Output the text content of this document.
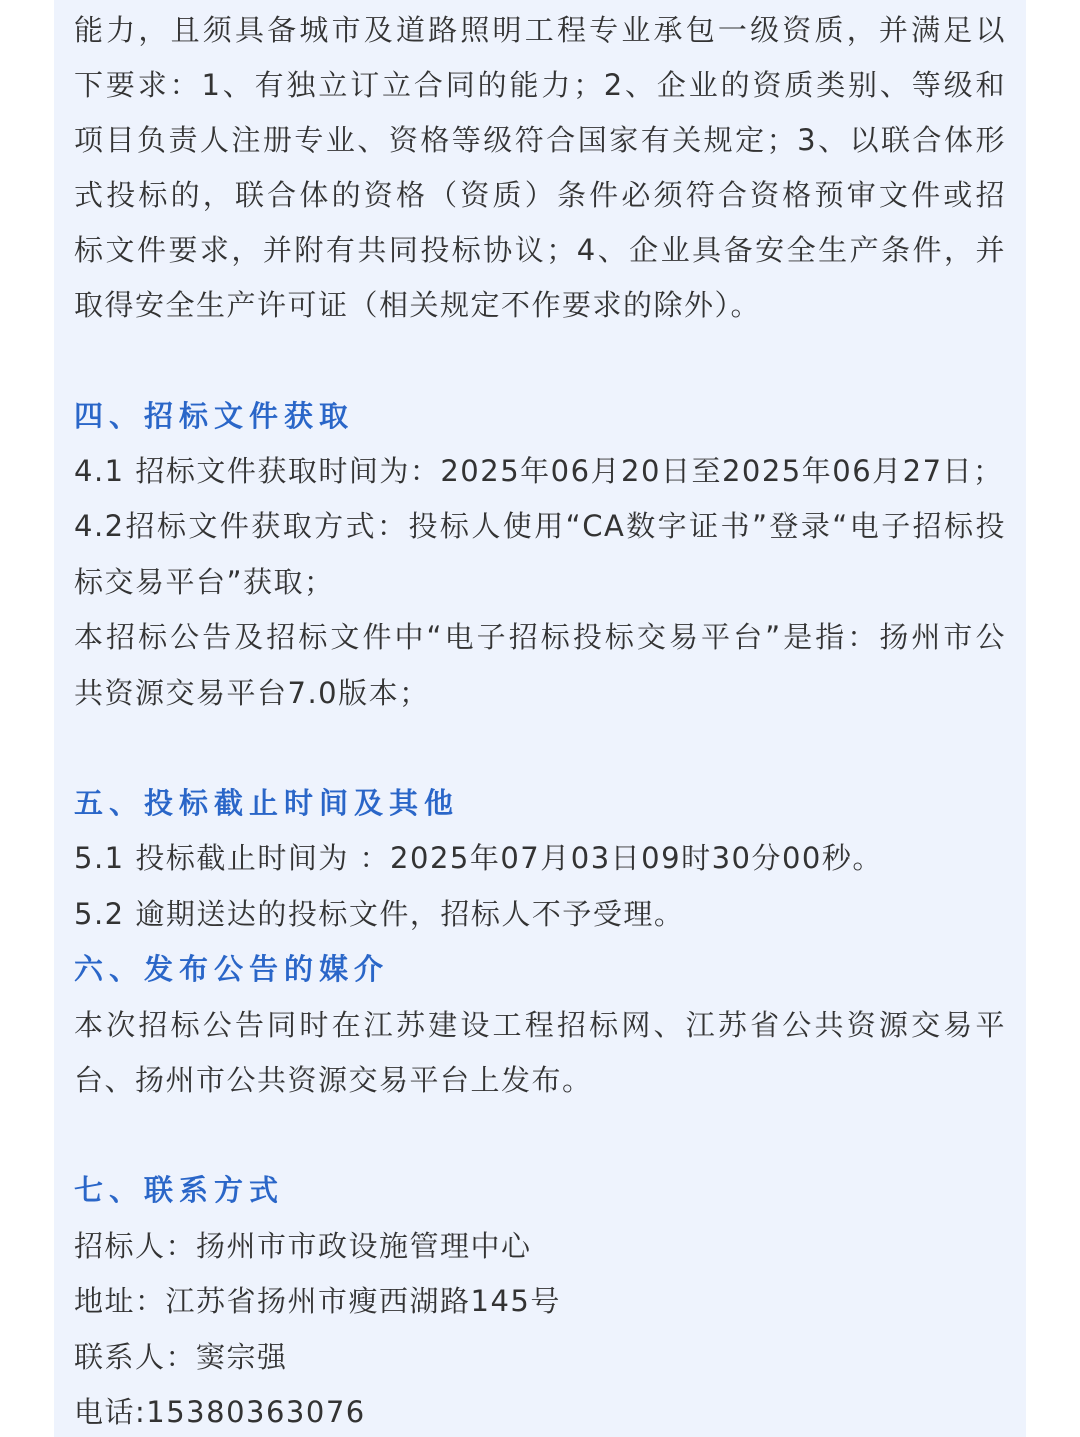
能力，且须具备城市及道路照明工程专业承包一级资质，并满足以
下要求：1、有独立订立合同的能力；2、企业的资质类别、等级和
项目负责人注册专业、资格等级符合国家有关规定；3、以联合体形
式投标的，联合体的资格（资质）条件必须符合资格预审文件或招
标文件要求，并附有共同投标协议；4、企业具备安全生产条件，并
取得安全生产许可证（相关规定不作要求的除外）。
四、招标文件获取
4.1 招标文件获取时间为：2025年06月20日至2025年06月27日；
4.2招标文件获取方式：投标人使用“CA数字证书”登录“电子招标投
标交易平台”获取；
本招标公告及招标文件中“电子招标投标交易平台”是指：扬州市公
共资源交易平台7.0版本；
五、投标截止时间及其他
5.1 投标截止时间为 ：2025年07月03日09时30分00秒。
5.2 逾期送达的投标文件，招标人不予受理。
六、发布公告的媒介
本次招标公告同时在江苏建设工程招标网、江苏省公共资源交易平
台、扬州市公共资源交易平台上发布。
七、联系方式
招标人：扬州市市政设施管理中心
地址：江苏省扬州市瘦西湖路145号
联系人：窦宗强
电话:15380363076
